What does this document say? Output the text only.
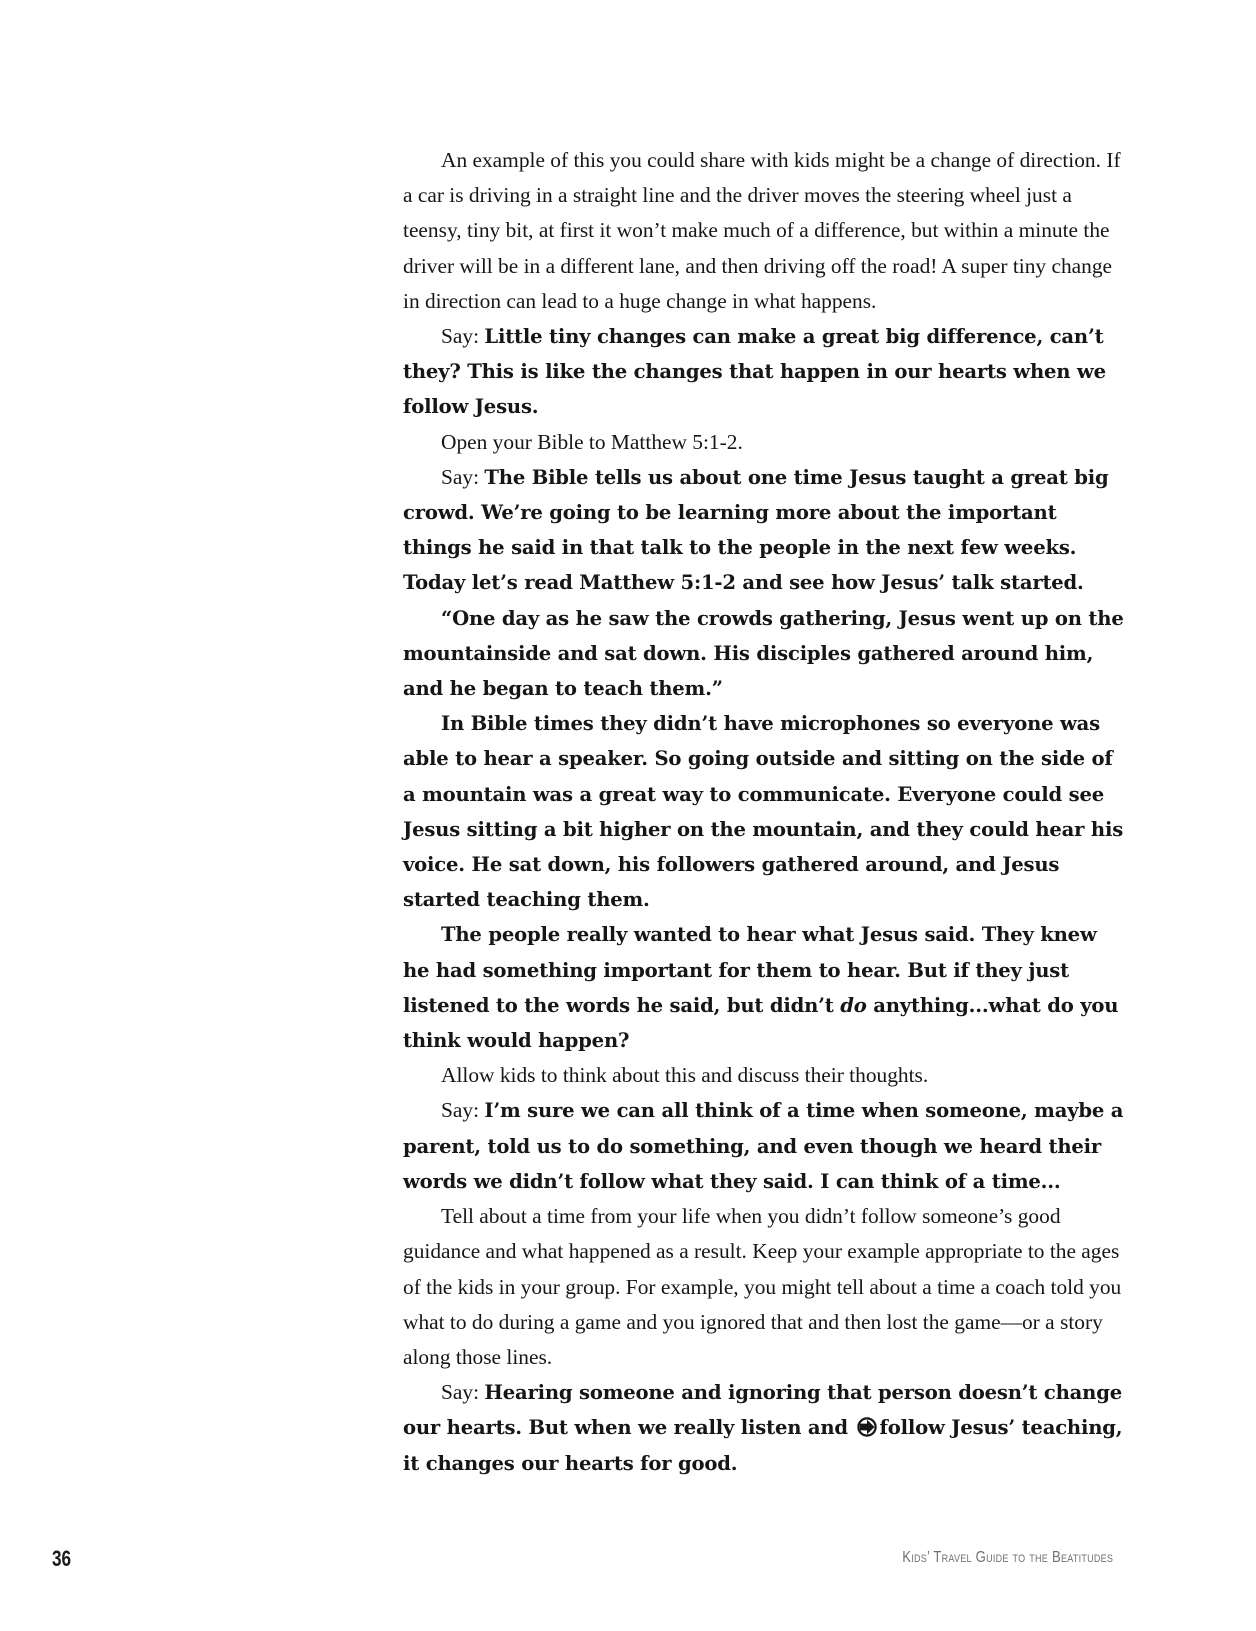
An example of this you could share with kids might be a change of direction. If a car is driving in a straight line and the driver moves the steering wheel just a teensy, tiny bit, at first it won’t make much of a difference, but within a minute the driver will be in a different lane, and then driving off the road! A super tiny change in direction can lead to a huge change in what happens.

Say: Little tiny changes can make a great big difference, can’t they? This is like the changes that happen in our hearts when we follow Jesus.

Open your Bible to Matthew 5:1-2.

Say: The Bible tells us about one time Jesus taught a great big crowd. We’re going to be learning more about the important things he said in that talk to the people in the next few weeks. Today let’s read Matthew 5:1-2 and see how Jesus’ talk started.

“One day as he saw the crowds gathering, Jesus went up on the mountainside and sat down. His disciples gathered around him, and he began to teach them.”

In Bible times they didn’t have microphones so everyone was able to hear a speaker. So going outside and sitting on the side of a mountain was a great way to communicate. Everyone could see Jesus sitting a bit higher on the mountain, and they could hear his voice. He sat down, his followers gathered around, and Jesus started teaching them.

The people really wanted to hear what Jesus said. They knew he had something important for them to hear. But if they just listened to the words he said, but didn’t do anything...what do you think would happen?

Allow kids to think about this and discuss their thoughts.

Say: I’m sure we can all think of a time when someone, maybe a parent, told us to do something, and even though we heard their words we didn’t follow what they said. I can think of a time...

Tell about a time from your life when you didn’t follow someone’s good guidance and what happened as a result. Keep your example appropriate to the ages of the kids in your group. For example, you might tell about a time a coach told you what to do during a game and you ignored that and then lost the game—or a story along those lines.

Say: Hearing someone and ignoring that person doesn’t change our hearts. But when we really listen and follow Jesus’ teaching, it changes our hearts for good.

36	Kids’ Travel Guide to the Beatitudes
